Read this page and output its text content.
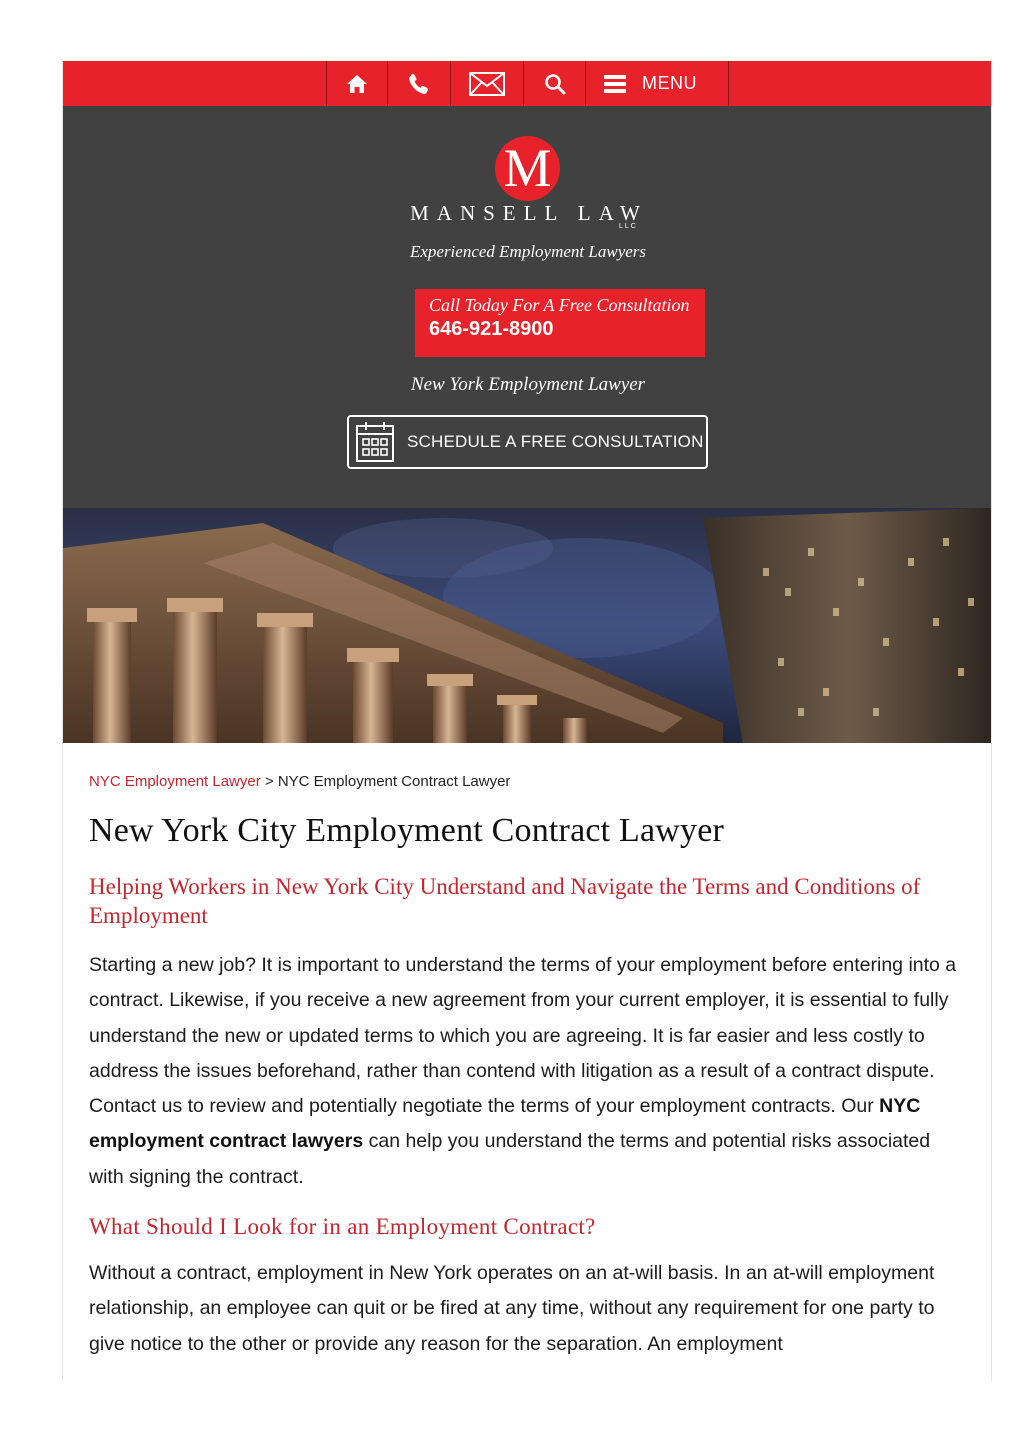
MENU
M
MANSELL LAW
LLC
Experienced Employment Lawyers
Call Today For A Free Consultation
646-921-8900
New York Employment Lawyer
SCHEDULE A FREE CONSULTATION
NYC Employment Lawyer > NYC Employment Contract Lawyer
New York City Employment Contract Lawyer
Helping Workers in New York City Understand and Navigate the Terms and Conditions of Employment

Starting a new job? It is important to understand the terms of your employment before entering into a contract. Likewise, if you receive a new agreement from your current employer, it is essential to fully understand the new or updated terms to which you are agreeing. It is far easier and less costly to address the issues beforehand, rather than contend with litigation as a result of a contract dispute. Contact us to review and potentially negotiate the terms of your employment contracts. Our NYC employment contract lawyers can help you understand the terms and potential risks associated with signing the contract.

What Should I Look for in an Employment Contract?

Without a contract, employment in New York operates on an at-will basis. In an at-will employment relationship, an employee can quit or be fired at any time, without any requirement for one party to give notice to the other or provide any reason for the separation. An employment
